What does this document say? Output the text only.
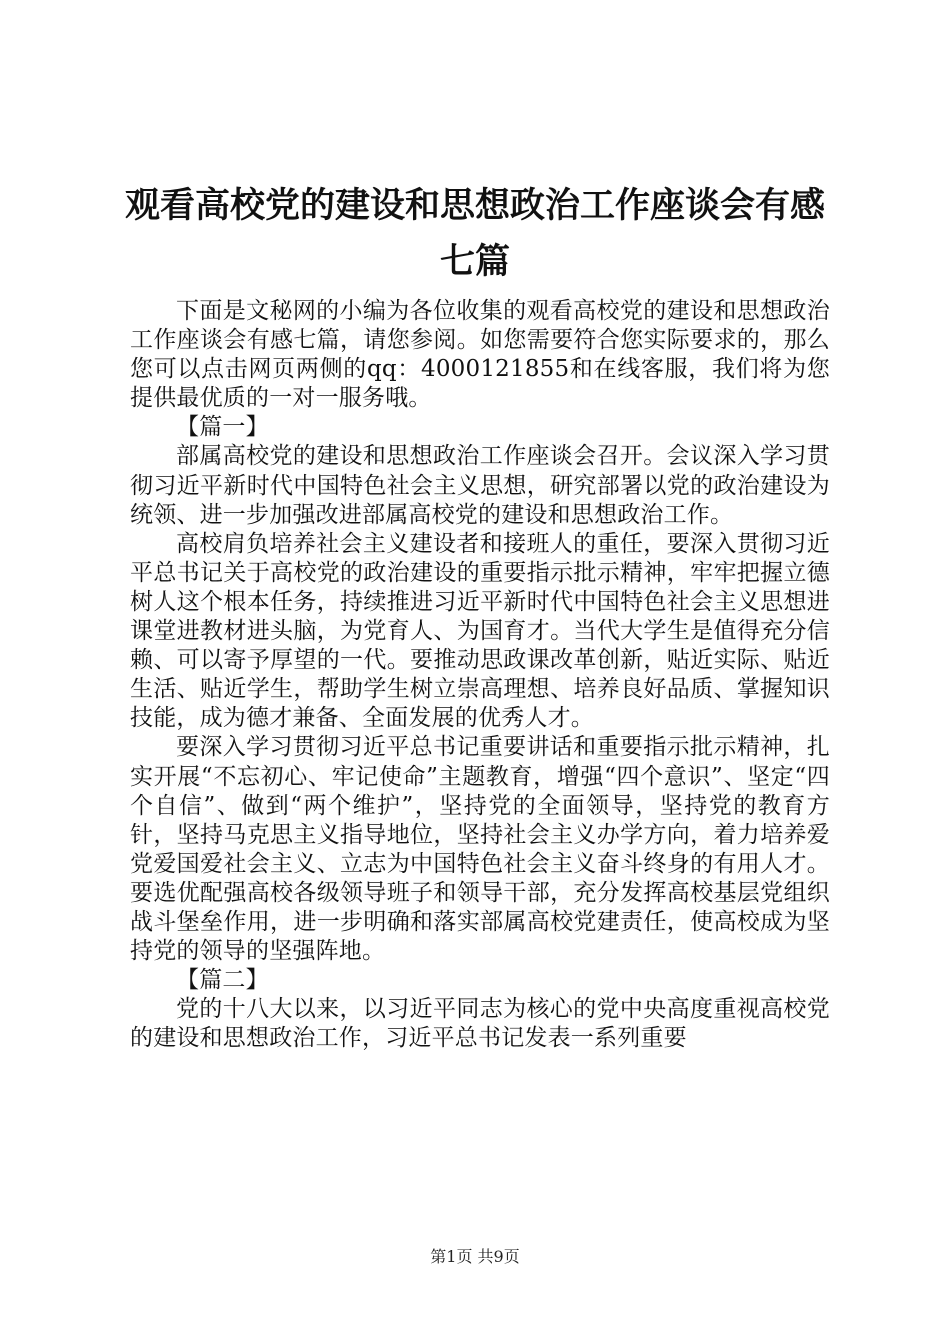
观看高校党的建设和思想政治工作座谈会有感七篇

下面是文秘网的小编为各位收集的观看高校党的建设和思想政治工作座谈会有感七篇，请您参阅。如您需要符合您实际要求的，那么您可以点击网页两侧的qq：4000121855和在线客服，我们将为您提供最优质的一对一服务哦。

【篇一】

部属高校党的建设和思想政治工作座谈会召开。会议深入学习贯彻习近平新时代中国特色社会主义思想，研究部署以党的政治建设为统领、进一步加强改进部属高校党的建设和思想政治工作。

高校肩负培养社会主义建设者和接班人的重任，要深入贯彻习近平总书记关于高校党的政治建设的重要指示批示精神，牢牢把握立德树人这个根本任务，持续推进习近平新时代中国特色社会主义思想进课堂进教材进头脑，为党育人、为国育才。当代大学生是值得充分信赖、可以寄予厚望的一代。要推动思政课改革创新，贴近实际、贴近生活、贴近学生，帮助学生树立崇高理想、培养良好品质、掌握知识技能，成为德才兼备、全面发展的优秀人才。

要深入学习贯彻习近平总书记重要讲话和重要指示批示精神，扎实开展“不忘初心、牢记使命”主题教育，增强“四个意识”、坚定“四个自信”、做到“两个维护”，坚持党的全面领导，坚持党的教育方针，坚持马克思主义指导地位，坚持社会主义办学方向，着力培养爱党爱国爱社会主义、立志为中国特色社会主义奋斗终身的有用人才。要选优配强高校各级领导班子和领导干部，充分发挥高校基层党组织战斗堡垒作用，进一步明确和落实部属高校党建责任，使高校成为坚持党的领导的坚强阵地。

【篇二】

党的十八大以来，以习近平同志为核心的党中央高度重视高校党的建设和思想政治工作，习近平总书记发表一系列重要

第1页 共9页
